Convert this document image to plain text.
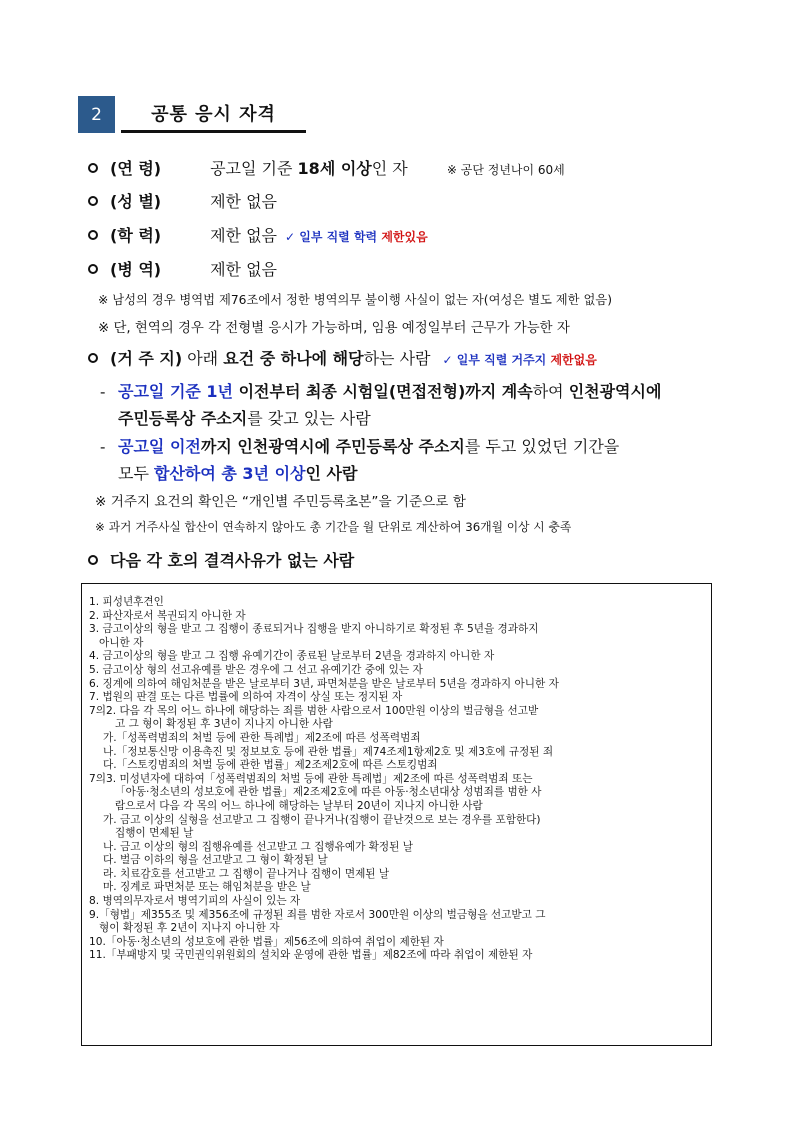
2	공통 응시 자격
(연 령)	공고일 기준 18세 이상인 자	※ 공단 정년나이 60세
(성 별)	제한 없음
(학 력)	제한 없음 ✓ 일부 직렬 학력 제한있음
(병 역)	제한 없음
※ 남성의 경우 병역법 제76조에서 정한 병역의무 불이행 사실이 없는 자(여성은 별도 제한 없음)
※ 단, 현역의 경우 각 전형별 응시가 가능하며, 임용 예정일부터 근무가 가능한 자
(거 주 지) 아래 요건 중 하나에 해당하는 사람 ✓ 일부 직렬 거주지 제한없음
- 공고일 기준 1년 이전부터 최종 시험일(면접전형)까지 계속하여 인천광역시에
주민등록상 주소지를 갖고 있는 사람
- 공고일 이전까지 인천광역시에 주민등록상 주소지를 두고 있었던 기간을
모두 합산하여 총 3년 이상인 사람
※ 거주지 요건의 확인은 “개인별 주민등록초본”을 기준으로 함
※ 과거 거주사실 합산이 연속하지 않아도 총 기간을 월 단위로 계산하여 36개월 이상 시 충족
다음 각 호의 결격사유가 없는 사람
1. 피성년후견인
2. 파산자로서 복권되지 아니한 자
3. 금고이상의 형을 받고 그 집행이 종료되거나 집행을 받지 아니하기로 확정된 후 5년을 경과하지
아니한 자
4. 금고이상의 형을 받고 그 집행 유예기간이 종료된 날로부터 2년을 경과하지 아니한 자
5. 금고이상 형의 선고유예를 받은 경우에 그 선고 유예기간 중에 있는 자
6. 징계에 의하여 해임처분을 받은 날로부터 3년, 파면처분을 받은 날로부터 5년을 경과하지 아니한 자
7. 법원의 판결 또는 다른 법률에 의하여 자격이 상실 또는 정지된 자
7의2. 다음 각 목의 어느 하나에 해당하는 죄를 범한 사람으로서 100만원 이상의 벌금형을 선고받
고 그 형이 확정된 후 3년이 지나지 아니한 사람
가.「성폭력범죄의 처벌 등에 관한 특례법」제2조에 따른 성폭력범죄
나.「정보통신망 이용촉진 및 정보보호 등에 관한 법률」제74조제1항제2호 및 제3호에 규정된 죄
다.「스토킹범죄의 처벌 등에 관한 법률」제2조제2호에 따른 스토킹범죄
7의3. 미성년자에 대하여「성폭력범죄의 처벌 등에 관한 특례법」제2조에 따른 성폭력범죄 또는
「아동·청소년의 성보호에 관한 법률」제2조제2호에 따른 아동·청소년대상 성범죄를 범한 사
람으로서 다음 각 목의 어느 하나에 해당하는 날부터 20년이 지나지 아니한 사람
가. 금고 이상의 실형을 선고받고 그 집행이 끝나거나(집행이 끝난것으로 보는 경우를 포함한다)
집행이 면제된 날
나. 금고 이상의 형의 집행유예를 선고받고 그 집행유예가 확정된 날
다. 벌금 이하의 형을 선고받고 그 형이 확정된 날
라. 치료감호를 선고받고 그 집행이 끝나거나 집행이 면제된 날
마. 징계로 파면처분 또는 해임처분을 받은 날
8. 병역의무자로서 병역기피의 사실이 있는 자
9.「형법」제355조 및 제356조에 규정된 죄를 범한 자로서 300만원 이상의 벌금형을 선고받고 그
형이 확정된 후 2년이 지나지 아니한 자
10.「아동·청소년의 성보호에 관한 법률」제56조에 의하여 취업이 제한된 자
11.「부패방지 및 국민권익위원회의 설치와 운영에 관한 법률」제82조에 따라 취업이 제한된 자
